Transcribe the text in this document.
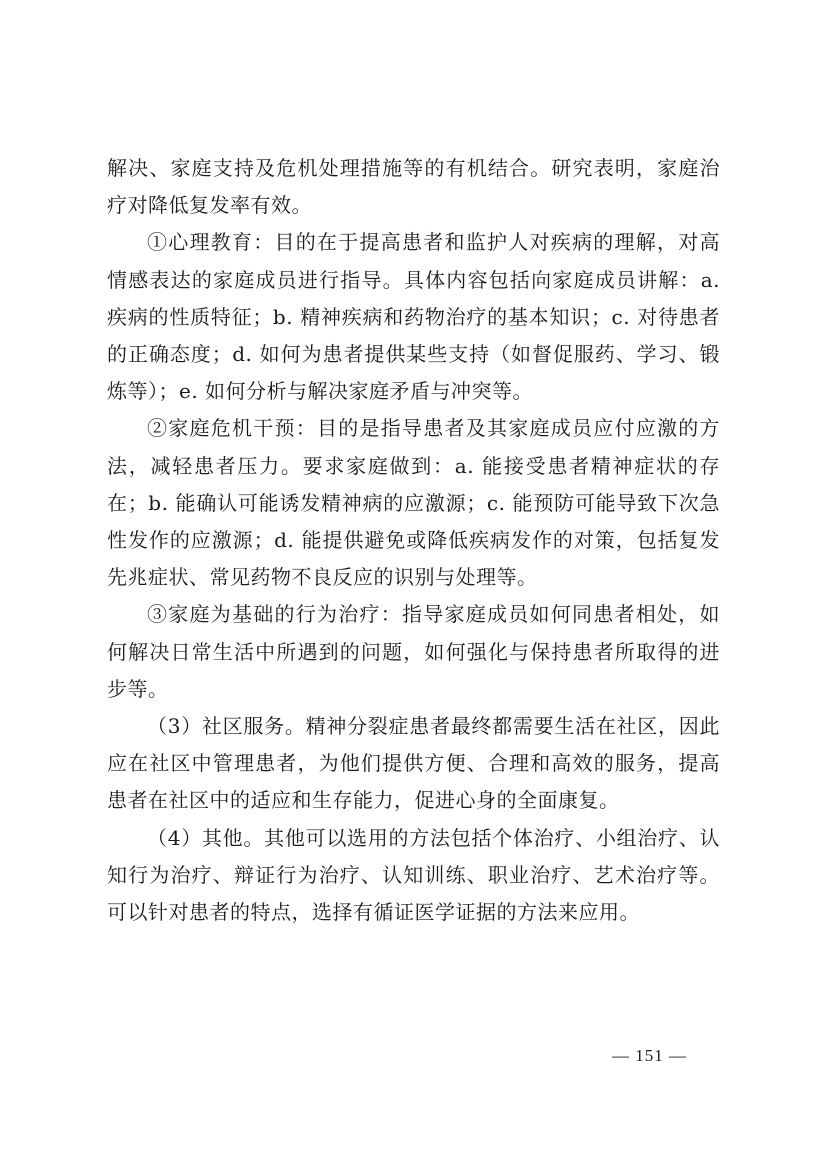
解决、家庭支持及危机处理措施等的有机结合。研究表明，家庭治疗对降低复发率有效。

①心理教育：目的在于提高患者和监护人对疾病的理解，对高情感表达的家庭成员进行指导。具体内容包括向家庭成员讲解：a. 疾病的性质特征；b. 精神疾病和药物治疗的基本知识；c. 对待患者的正确态度；d. 如何为患者提供某些支持（如督促服药、学习、锻炼等）；e. 如何分析与解决家庭矛盾与冲突等。

②家庭危机干预：目的是指导患者及其家庭成员应付应激的方法，减轻患者压力。要求家庭做到：a. 能接受患者精神症状的存在；b. 能确认可能诱发精神病的应激源；c. 能预防可能导致下次急性发作的应激源；d. 能提供避免或降低疾病发作的对策，包括复发先兆症状、常见药物不良反应的识别与处理等。

③家庭为基础的行为治疗：指导家庭成员如何同患者相处，如何解决日常生活中所遇到的问题，如何强化与保持患者所取得的进步等。

（3）社区服务。精神分裂症患者最终都需要生活在社区，因此应在社区中管理患者，为他们提供方便、合理和高效的服务，提高患者在社区中的适应和生存能力，促进心身的全面康复。

（4）其他。其他可以选用的方法包括个体治疗、小组治疗、认知行为治疗、辩证行为治疗、认知训练、职业治疗、艺术治疗等。可以针对患者的特点，选择有循证医学证据的方法来应用。

— 151 —
